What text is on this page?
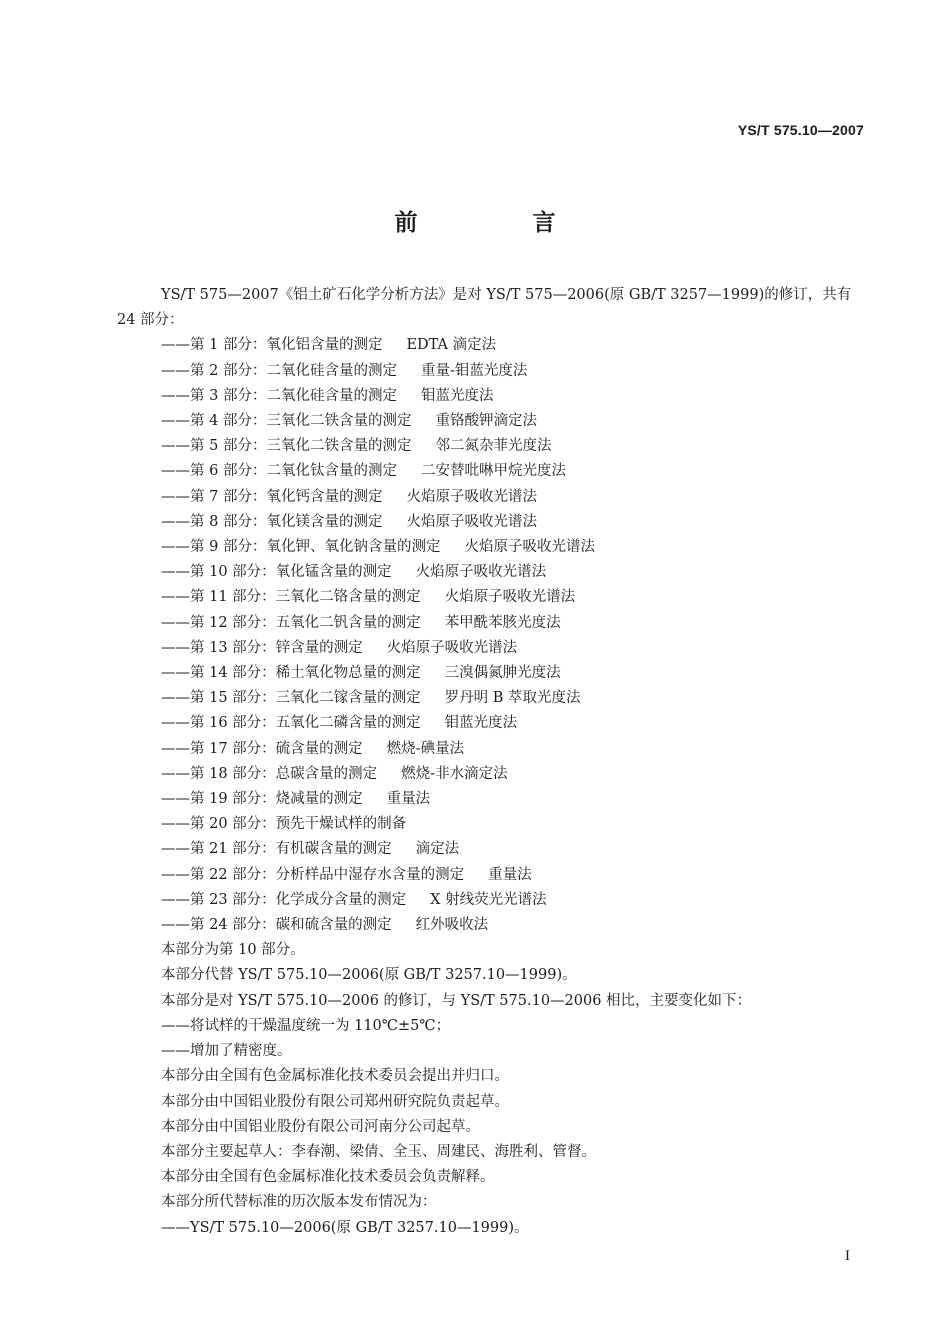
YS/T 575.10—2007
前　言

YS/T 575—2007《铝土矿石化学分析方法》是对 YS/T 575—2006(原 GB/T 3257—1999)的修订，共有 24 部分：

——第 1 部分：氧化铝含量的测定 EDTA 滴定法
——第 2 部分：二氧化硅含量的测定 重量-钼蓝光度法
——第 3 部分：二氧化硅含量的测定 钼蓝光度法
——第 4 部分：三氧化二铁含量的测定 重铬酸钾滴定法
——第 5 部分：三氧化二铁含量的测定 邻二氮杂菲光度法
——第 6 部分：二氧化钛含量的测定 二安替吡啉甲烷光度法
——第 7 部分：氧化钙含量的测定 火焰原子吸收光谱法
——第 8 部分：氧化镁含量的测定 火焰原子吸收光谱法
——第 9 部分：氧化钾、氧化钠含量的测定 火焰原子吸收光谱法
——第 10 部分：氧化锰含量的测定 火焰原子吸收光谱法
——第 11 部分：三氧化二铬含量的测定 火焰原子吸收光谱法
——第 12 部分：五氧化二钒含量的测定 苯甲酰苯胲光度法
——第 13 部分：锌含量的测定 火焰原子吸收光谱法
——第 14 部分：稀土氧化物总量的测定 三溴偶氮胂光度法
——第 15 部分：三氧化二镓含量的测定 罗丹明 B 萃取光度法
——第 16 部分：五氧化二磷含量的测定 钼蓝光度法
——第 17 部分：硫含量的测定 燃烧-碘量法
——第 18 部分：总碳含量的测定 燃烧-非水滴定法
——第 19 部分：烧减量的测定 重量法
——第 20 部分：预先干燥试样的制备
——第 21 部分：有机碳含量的测定 滴定法
——第 22 部分：分析样品中湿存水含量的测定 重量法
——第 23 部分：化学成分含量的测定 X 射线荧光光谱法
——第 24 部分：碳和硫含量的测定 红外吸收法

本部分为第 10 部分。

本部分代替 YS/T 575.10—2006(原 GB/T 3257.10—1999)。

本部分是对 YS/T 575.10—2006 的修订，与 YS/T 575.10—2006 相比，主要变化如下：

——将试样的干燥温度统一为 110℃±5℃；

——增加了精密度。

本部分由全国有色金属标准化技术委员会提出并归口。

本部分由中国铝业股份有限公司郑州研究院负责起草。

本部分由中国铝业股份有限公司河南分公司起草。

本部分主要起草人：李春潮、梁倩、全玉、周建民、海胜利、管督。

本部分由全国有色金属标准化技术委员会负责解释。

本部分所代替标准的历次版本发布情况为：

——YS/T 575.10—2006(原 GB/T 3257.10—1999)。

I
